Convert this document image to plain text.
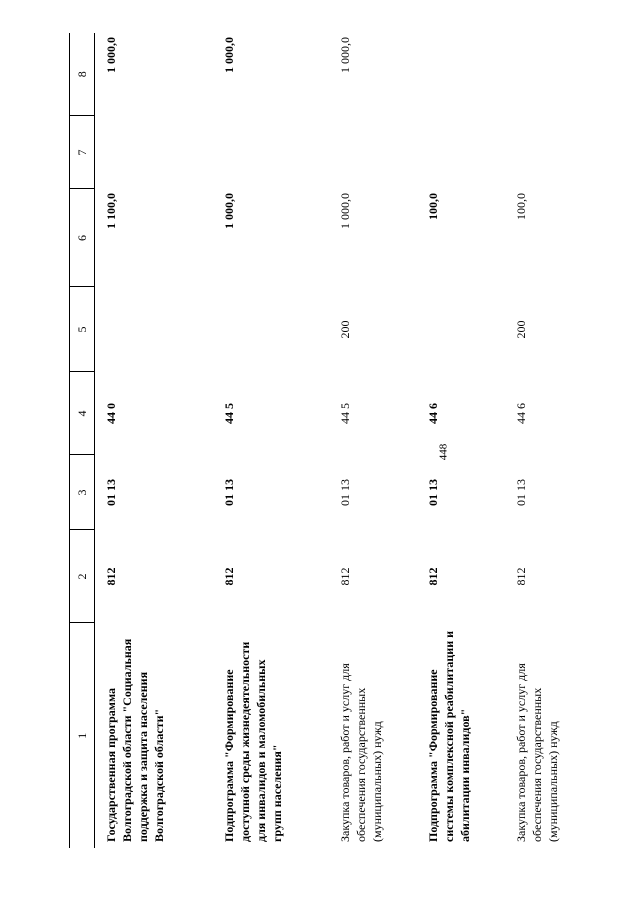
448
1	2	3	4	5	6	7	8
Государственная программа Волгоградской области "Социальная поддержка и защита населения Волгоградской области"	812	01 13	44 0		1 100,0		1 000,0
Подпрограмма "Формирование доступной среды жизнедеятельности для инвалидов и маломобильных групп населения"	812	01 13	44 5		1 000,0		1 000,0
Закупка товаров, работ и услуг для обеспечения государственных (муниципальных) нужд	812	01 13	44 5	200	1 000,0		1 000,0
Подпрограмма "Формирование системы комплексной реабилитации и абилитации инвалидов"	812	01 13	44 6		100,0		
Закупка товаров, работ и услуг для обеспечения государственных (муниципальных) нужд	812	01 13	44 6	200	100,0		
